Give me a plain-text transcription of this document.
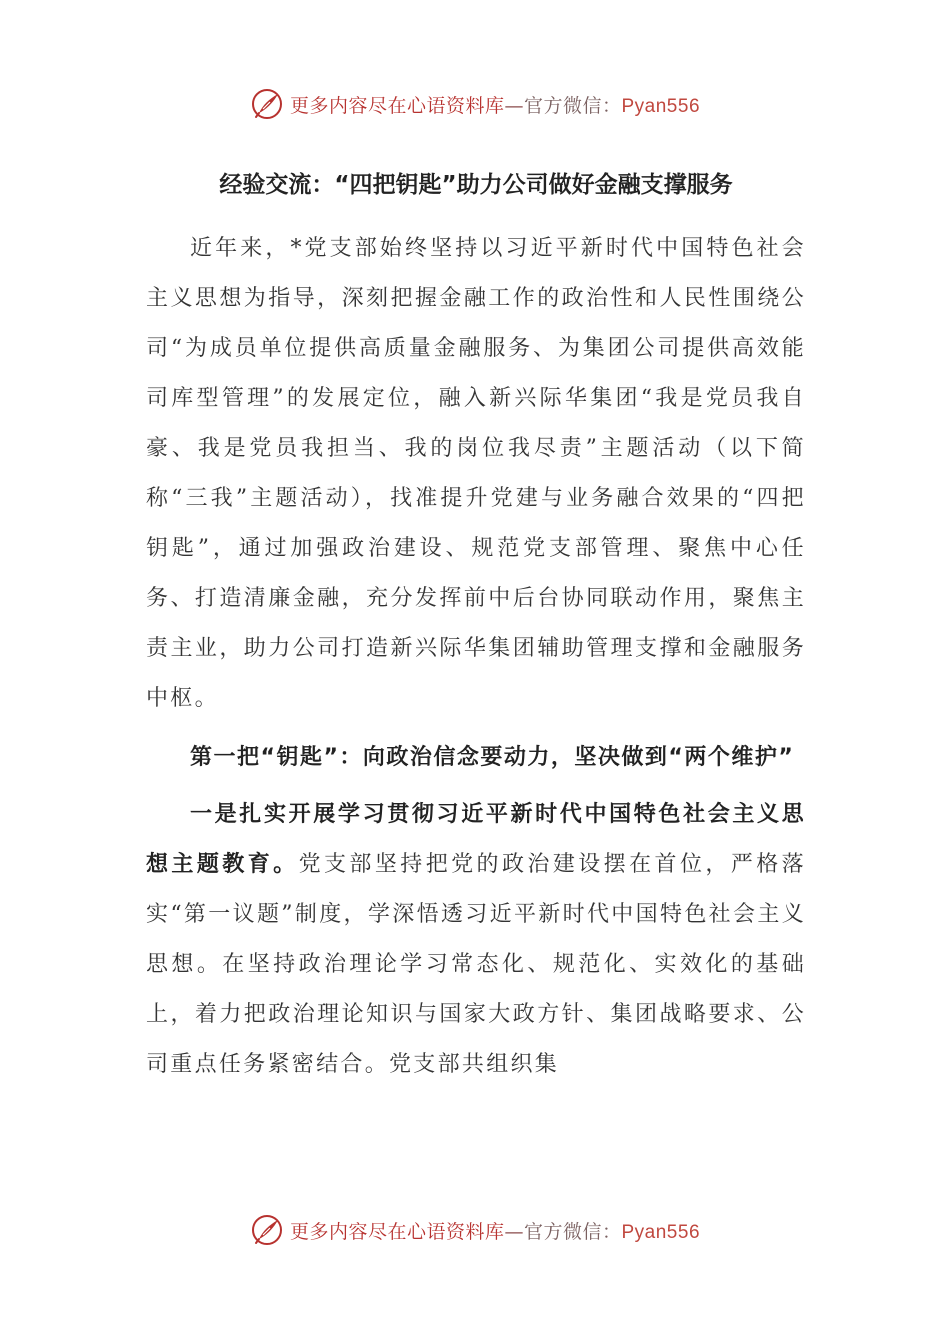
更多内容尽在心语资料库—官方微信：Pyan556
经验交流：“四把钥匙”助力公司做好金融支撑服务

近年来，*党支部始终坚持以习近平新时代中国特色社会主义思想为指导，深刻把握金融工作的政治性和人民性围绕公司“为成员单位提供高质量金融服务、为集团公司提供高效能司库型管理”的发展定位，融入新兴际华集团“我是党员我自豪、我是党员我担当、我的岗位我尽责”主题活动（以下简称“三我”主题活动），找准提升党建与业务融合效果的“四把钥匙”，通过加强政治建设、规范党支部管理、聚焦中心任务、打造清廉金融，充分发挥前中后台协同联动作用，聚焦主责主业，助力公司打造新兴际华集团辅助管理支撑和金融服务中枢。

第一把“钥匙”：向政治信念要动力，坚决做到“两个维护”

一是扎实开展学习贯彻习近平新时代中国特色社会主义思想主题教育。党支部坚持把党的政治建设摆在首位，严格落实“第一议题”制度，学深悟透习近平新时代中国特色社会主义思想。在坚持政治理论学习常态化、规范化、实效化的基础上，着力把政治理论知识与国家大政方针、集团战略要求、公司重点任务紧密结合。党支部共组织集

更多内容尽在心语资料库—官方微信：Pyan556
